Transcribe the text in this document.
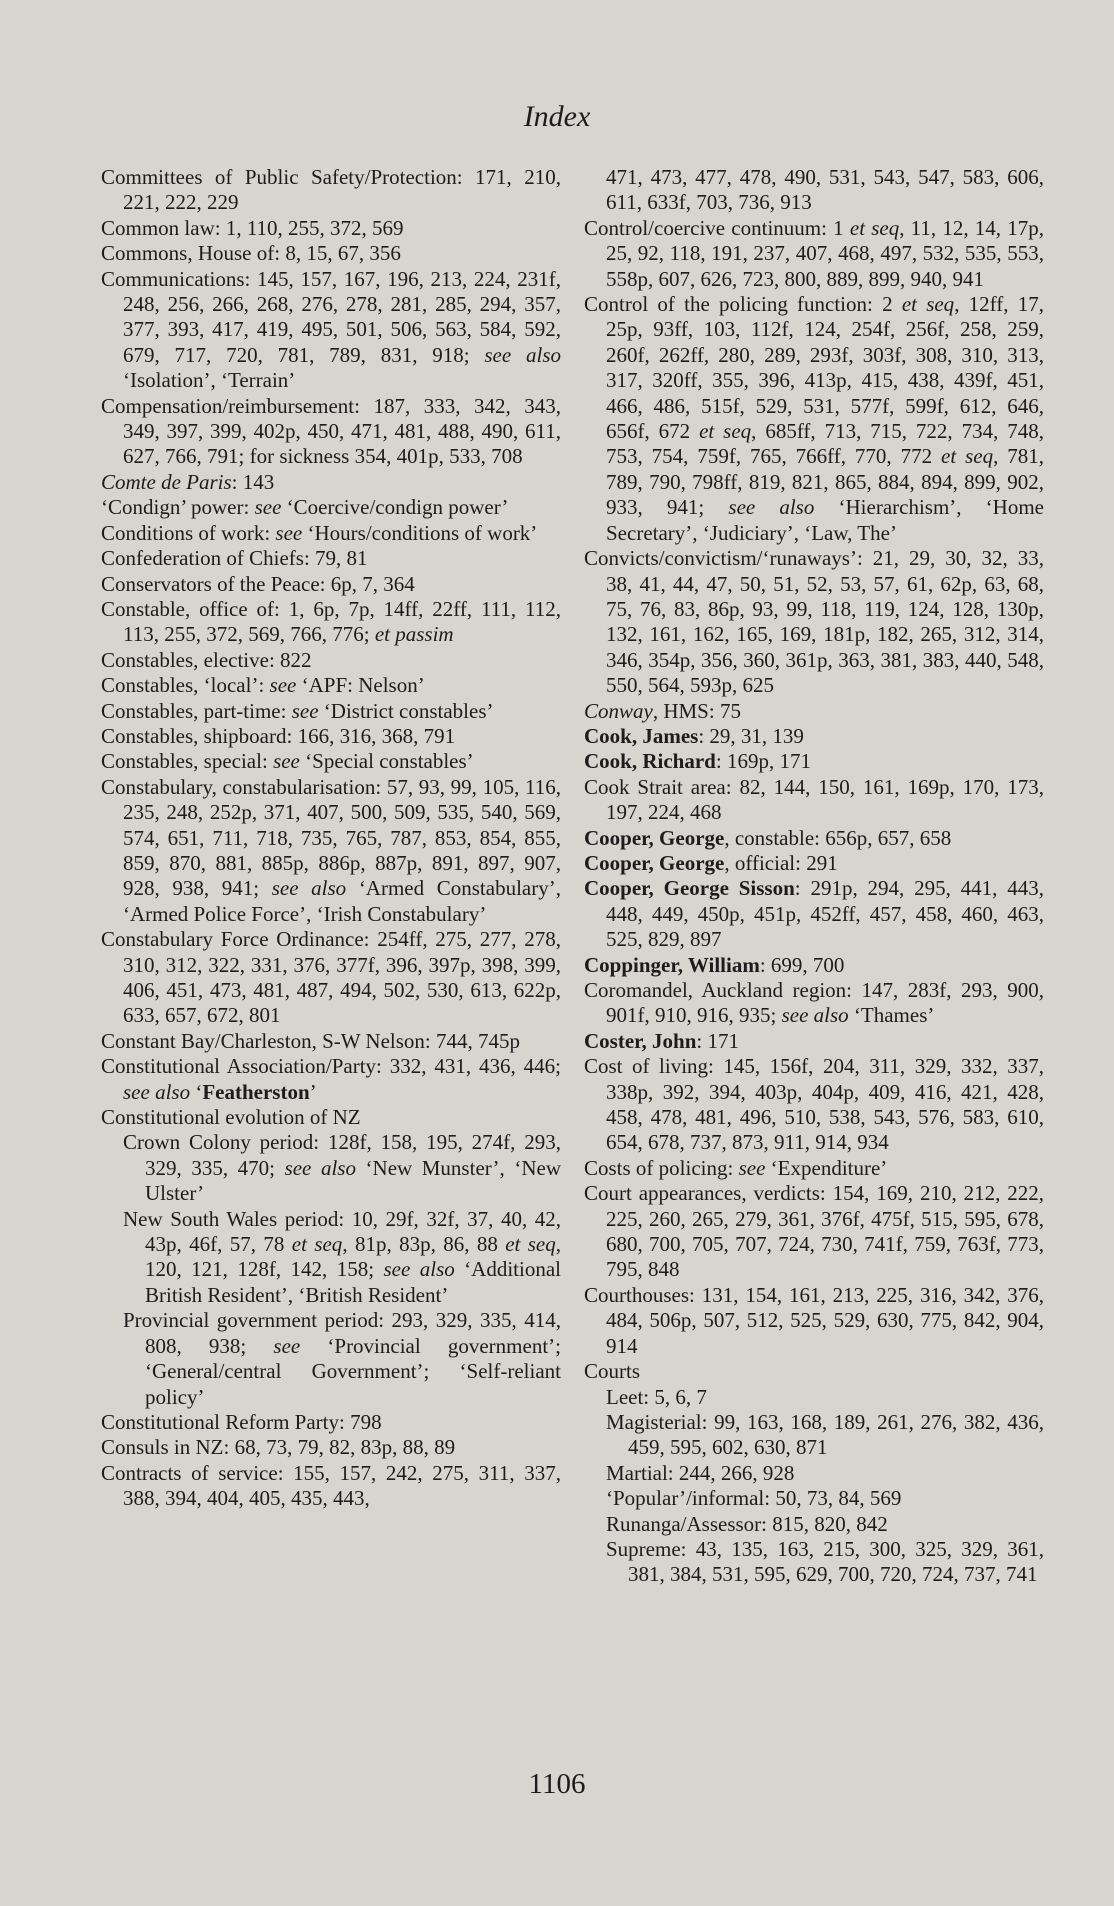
Index
Committees of Public Safety/Protection: 171, 210, 221, 222, 229
Common law: 1, 110, 255, 372, 569
Commons, House of: 8, 15, 67, 356
Communications: 145, 157, 167, 196, 213, 224, 231f, 248, 256, 266, 268, 276, 278, 281, 285, 294, 357, 377, 393, 417, 419, 495, 501, 506, 563, 584, 592, 679, 717, 720, 781, 789, 831, 918; see also ‘Isolation’, ‘Terrain’
Compensation/reimbursement: 187, 333, 342, 343, 349, 397, 399, 402p, 450, 471, 481, 488, 490, 611, 627, 766, 791; for sickness 354, 401p, 533, 708
Comte de Paris: 143
‘Condign’ power: see ‘Coercive/condign power’
Conditions of work: see ‘Hours/conditions of work’
Confederation of Chiefs: 79, 81
Conservators of the Peace: 6p, 7, 364
Constable, office of: 1, 6p, 7p, 14ff, 22ff, 111, 112, 113, 255, 372, 569, 766, 776; et passim
Constables, elective: 822
Constables, ‘local’: see ‘APF: Nelson’
Constables, part-time: see ‘District constables’
Constables, shipboard: 166, 316, 368, 791
Constables, special: see ‘Special constables’
Constabulary, constabularisation: 57, 93, 99, 105, 116, 235, 248, 252p, 371, 407, 500, 509, 535, 540, 569, 574, 651, 711, 718, 735, 765, 787, 853, 854, 855, 859, 870, 881, 885p, 886p, 887p, 891, 897, 907, 928, 938, 941; see also ‘Armed Constabulary’, ‘Armed Police Force’, ‘Irish Constabulary’
Constabulary Force Ordinance: 254ff, 275, 277, 278, 310, 312, 322, 331, 376, 377f, 396, 397p, 398, 399, 406, 451, 473, 481, 487, 494, 502, 530, 613, 622p, 633, 657, 672, 801
Constant Bay/Charleston, S-W Nelson: 744, 745p
Constitutional Association/Party: 332, 431, 436, 446; see also ‘Featherston’
Constitutional evolution of NZ
Crown Colony period: 128f, 158, 195, 274f, 293, 329, 335, 470; see also ‘New Munster’, ‘New Ulster’
New South Wales period: 10, 29f, 32f, 37, 40, 42, 43p, 46f, 57, 78 et seq, 81p, 83p, 86, 88 et seq, 120, 121, 128f, 142, 158; see also ‘Additional British Resident’, ‘British Resident’
Provincial government period: 293, 329, 335, 414, 808, 938; see ‘Provincial government’; ‘General/central Government’; ‘Self-reliant policy’
Constitutional Reform Party: 798
Consuls in NZ: 68, 73, 79, 82, 83p, 88, 89
Contracts of service: 155, 157, 242, 275, 311, 337, 388, 394, 404, 405, 435, 443,
471, 473, 477, 478, 490, 531, 543, 547, 583, 606, 611, 633f, 703, 736, 913
Control/coercive continuum: 1 et seq, 11, 12, 14, 17p, 25, 92, 118, 191, 237, 407, 468, 497, 532, 535, 553, 558p, 607, 626, 723, 800, 889, 899, 940, 941
Control of the policing function: 2 et seq, 12ff, 17, 25p, 93ff, 103, 112f, 124, 254f, 256f, 258, 259, 260f, 262ff, 280, 289, 293f, 303f, 308, 310, 313, 317, 320ff, 355, 396, 413p, 415, 438, 439f, 451, 466, 486, 515f, 529, 531, 577f, 599f, 612, 646, 656f, 672 et seq, 685ff, 713, 715, 722, 734, 748, 753, 754, 759f, 765, 766ff, 770, 772 et seq, 781, 789, 790, 798ff, 819, 821, 865, 884, 894, 899, 902, 933, 941; see also ‘Hierarchism’, ‘Home Secretary’, ‘Judiciary’, ‘Law, The’
Convicts/convictism/‘runaways’: 21, 29, 30, 32, 33, 38, 41, 44, 47, 50, 51, 52, 53, 57, 61, 62p, 63, 68, 75, 76, 83, 86p, 93, 99, 118, 119, 124, 128, 130p, 132, 161, 162, 165, 169, 181p, 182, 265, 312, 314, 346, 354p, 356, 360, 361p, 363, 381, 383, 440, 548, 550, 564, 593p, 625
Conway, HMS: 75
Cook, James: 29, 31, 139
Cook, Richard: 169p, 171
Cook Strait area: 82, 144, 150, 161, 169p, 170, 173, 197, 224, 468
Cooper, George, constable: 656p, 657, 658
Cooper, George, official: 291
Cooper, George Sisson: 291p, 294, 295, 441, 443, 448, 449, 450p, 451p, 452ff, 457, 458, 460, 463, 525, 829, 897
Coppinger, William: 699, 700
Coromandel, Auckland region: 147, 283f, 293, 900, 901f, 910, 916, 935; see also ‘Thames’
Coster, John: 171
Cost of living: 145, 156f, 204, 311, 329, 332, 337, 338p, 392, 394, 403p, 404p, 409, 416, 421, 428, 458, 478, 481, 496, 510, 538, 543, 576, 583, 610, 654, 678, 737, 873, 911, 914, 934
Costs of policing: see ‘Expenditure’
Court appearances, verdicts: 154, 169, 210, 212, 222, 225, 260, 265, 279, 361, 376f, 475f, 515, 595, 678, 680, 700, 705, 707, 724, 730, 741f, 759, 763f, 773, 795, 848
Courthouses: 131, 154, 161, 213, 225, 316, 342, 376, 484, 506p, 507, 512, 525, 529, 630, 775, 842, 904, 914
Courts
Leet: 5, 6, 7
Magisterial: 99, 163, 168, 189, 261, 276, 382, 436, 459, 595, 602, 630, 871
Martial: 244, 266, 928
‘Popular’/informal: 50, 73, 84, 569
Runanga/Assessor: 815, 820, 842
Supreme: 43, 135, 163, 215, 300, 325, 329, 361, 381, 384, 531, 595, 629, 700, 720, 724, 737, 741
1106
